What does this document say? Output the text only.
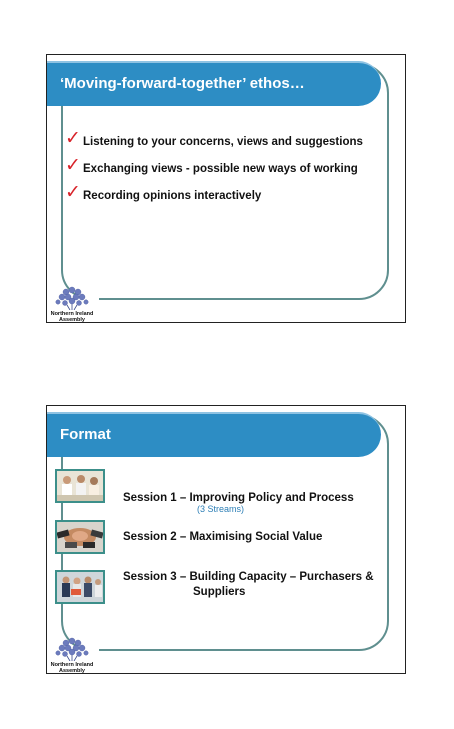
‘Moving-forward-together’ ethos…
✓ Listening to your concerns, views and suggestions
✓ Exchanging views - possible new ways of working
✓ Recording opinions interactively
Northern Ireland
Assembly
Format
Session 1 – Improving Policy and Process
(3 Streams)
Session 2 – Maximising Social Value
Session 3 – Building Capacity – Purchasers &
Suppliers
Northern Ireland
Assembly
